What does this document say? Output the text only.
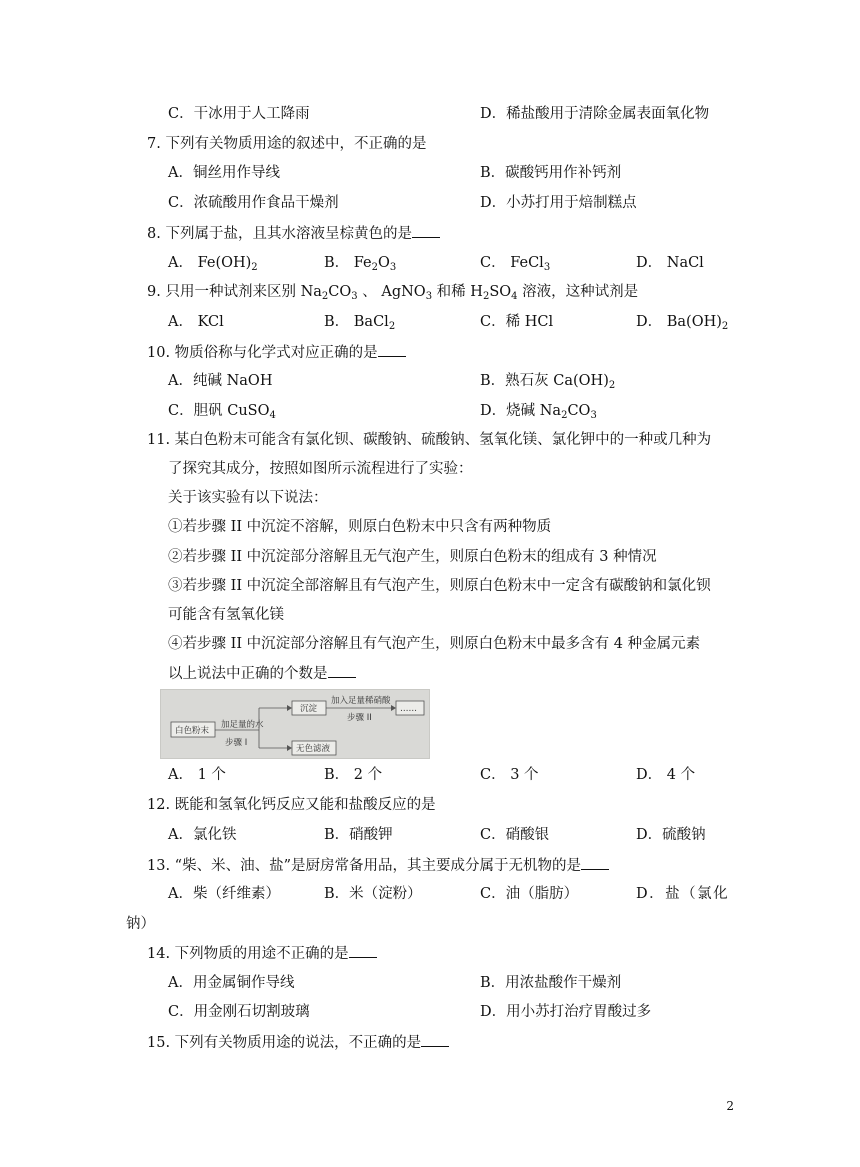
C．干冰用于人工降雨	D．稀盐酸用于清除金属表面氧化物
7. 下列有关物质用途的叙述中，不正确的是
A．铜丝用作导线	B．碳酸钙用作补钙剂
C．浓硫酸用作食品干燥剂	D．小苏打用于焙制糕点
8. 下列属于盐，且其水溶液呈棕黄色的是
A． $Fe(OH)_2$	B． $Fe_2O_3$	C． FeCl$_3$	D． NaCl
9. 只用一种试剂来区别 $Na_2CO_3$ 、 AgNO$_3$ 和稀 $H_2SO_4$ 溶液，这种试剂是
A． KCl	B． BaCl$_2$	C．稀 HCl	D． $Ba(OH)_2$
10. 物质俗称与化学式对应正确的是
A．纯碱 NaOH	B．熟石灰 $Ca(OH)_2$
C．胆矾 CuSO$_4$	D．烧碱 $Na_2CO_3$
11. 某白色粉末可能含有氯化钡、碳酸钠、硫酸钠、氢氧化镁、氯化钾中的一种或几种为
了探究其成分，按照如图所示流程进行了实验：
关于该实验有以下说法：
①若步骤 II 中沉淀不溶解，则原白色粉末中只含有两种物质
②若步骤 II 中沉淀部分溶解且无气泡产生，则原白色粉末的组成有 3 种情况
③若步骤 II 中沉淀全部溶解且有气泡产生，则原白色粉末中一定含有碳酸钠和氯化钡
可能含有氢氧化镁
④若步骤 II 中沉淀部分溶解且有气泡产生，则原白色粉末中最多含有 4 种金属元素
以上说法中正确的个数是
白色粉末
加足量的水
步骤 I
沉淀
加入足量稀硝酸
步骤 II
……
无色滤液
A． 1 个	B． 2 个	C． 3 个	D． 4 个
12. 既能和氢氧化钙反应又能和盐酸反应的是
A．氯化铁	B．硝酸钾	C．硝酸银	D．硫酸钠
13. “柴、米、油、盐”是厨房常备用品，其主要成分属于无机物的是
A．柴（纤维素）	B．米（淀粉）	C．油（脂肪）	D．盐（氯化
钠）
14. 下列物质的用途不正确的是
A．用金属铜作导线	B．用浓盐酸作干燥剂
C．用金刚石切割玻璃	D．用小苏打治疗胃酸过多
15. 下列有关物质用途的说法，不正确的是
2
